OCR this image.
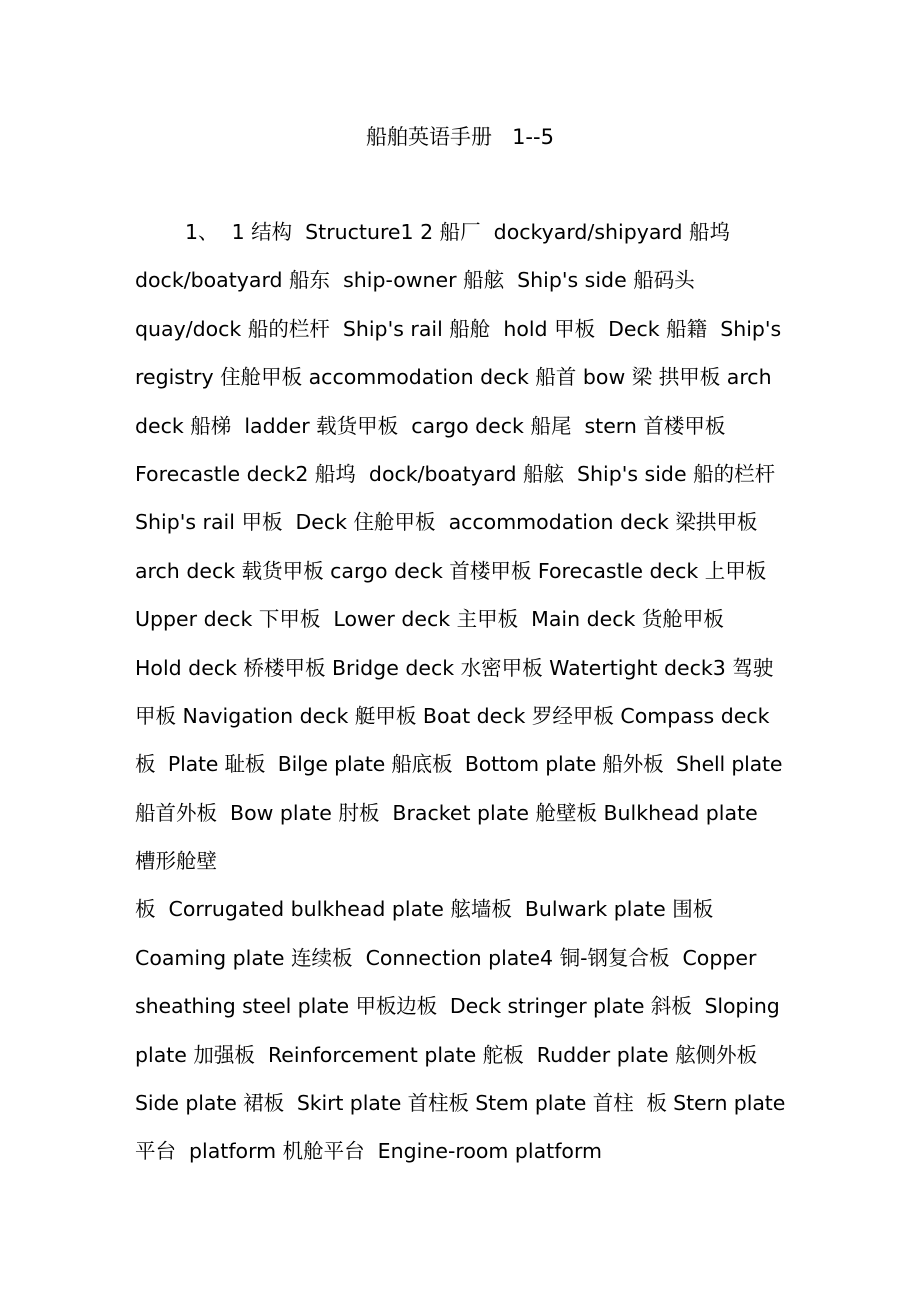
船舶英语手册   1--5
1、  1 结构  Structure1 2 船厂  dockyard/shipyard 船坞
dock/boatyard 船东  ship-owner 船舷  Ship's side 船码头
quay/dock 船的栏杆  Ship's rail 船舱  hold 甲板  Deck 船籍  Ship's
registry 住舱甲板 accommodation deck 船首 bow 梁 拱甲板 arch
deck 船梯  ladder 载货甲板  cargo deck 船尾  stern 首楼甲板
Forecastle deck2 船坞  dock/boatyard 船舷  Ship's side 船的栏杆
Ship's rail 甲板  Deck 住舱甲板  accommodation deck 梁拱甲板
arch deck 载货甲板 cargo deck 首楼甲板 Forecastle deck 上甲板
Upper deck 下甲板  Lower deck 主甲板  Main deck 货舱甲板
Hold deck 桥楼甲板 Bridge deck 水密甲板 Watertight deck3 驾驶
甲板 Navigation deck 艇甲板 Boat deck 罗经甲板 Compass deck
板  Plate 耻板  Bilge plate 船底板  Bottom plate 船外板  Shell plate
船首外板  Bow plate 肘板  Bracket plate 舱壁板 Bulkhead plate
槽形舱壁
板  Corrugated bulkhead plate 舷墙板  Bulwark plate 围板
Coaming plate 连续板  Connection plate4 铜-钢复合板  Copper
sheathing steel plate 甲板边板  Deck stringer plate 斜板  Sloping
plate 加强板  Reinforcement plate 舵板  Rudder plate 舷侧外板
Side plate 裙板  Skirt plate 首柱板 Stem plate 首柱  板 Stern plate
平台  platform 机舱平台  Engine-room platform
